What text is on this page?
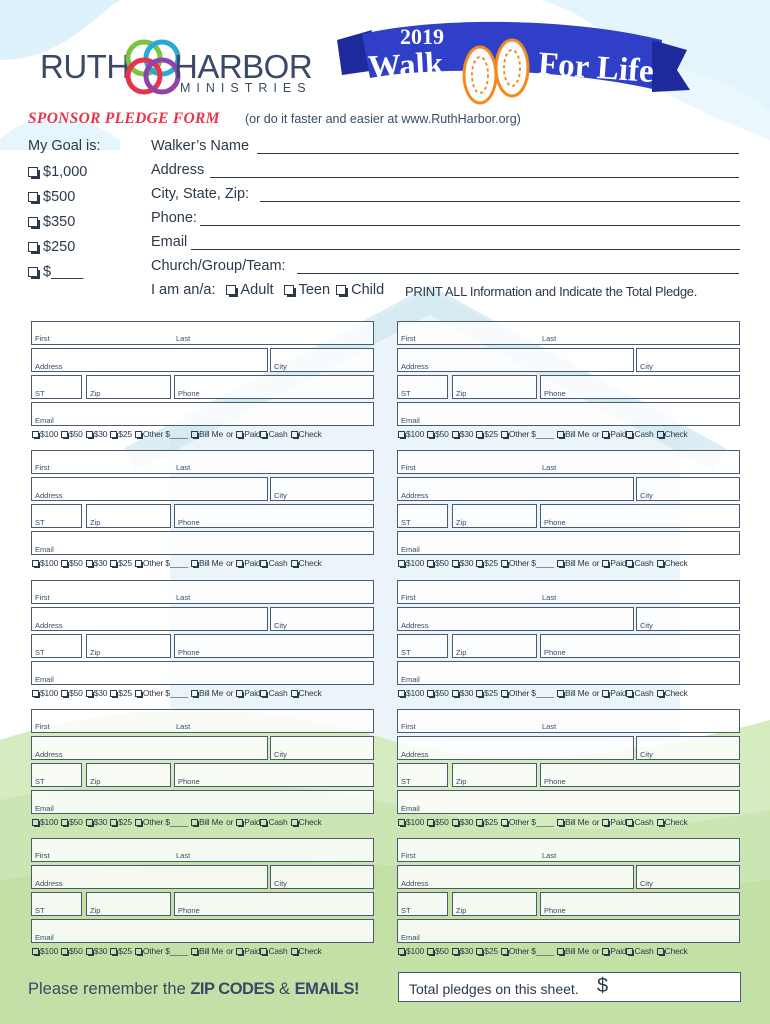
RUTH HARBOR
MINISTRIES
2019
Walk	For Life
SPONSOR PLEDGE FORM (or do it faster and easier at www.RuthHarbor.org)
My Goal is:
$1,000
$500
$350
$250
$____
Walker’s Name
Address
City, State, Zip:
Phone:
Email
Church/Group/Team:
I am an/a: Adult Teen Child PRINT ALL Information and Indicate the Total Pledge.
First	Last
Address	City
ST	Zip	Phone
Email
$100 $50 $30 $25 Other $____ Bill Me or Paid Cash Check
First	Last
Address	City
ST	Zip	Phone
Email
$100 $50 $30 $25 Other $____ Bill Me or Paid Cash Check
First	Last
Address	City
ST	Zip	Phone
Email
$100 $50 $30 $25 Other $____ Bill Me or Paid Cash Check
First	Last
Address	City
ST	Zip	Phone
Email
$100 $50 $30 $25 Other $____ Bill Me or Paid Cash Check
First	Last
Address	City
ST	Zip	Phone
Email
$100 $50 $30 $25 Other $____ Bill Me or Paid Cash Check
First	Last
Address	City
ST	Zip	Phone
Email
$100 $50 $30 $25 Other $____ Bill Me or Paid Cash Check
First	Last
Address	City
ST	Zip	Phone
Email
$100 $50 $30 $25 Other $____ Bill Me or Paid Cash Check
First	Last
Address	City
ST	Zip	Phone
Email
$100 $50 $30 $25 Other $____ Bill Me or Paid Cash Check
First	Last
Address	City
ST	Zip	Phone
Email
$100 $50 $30 $25 Other $____ Bill Me or Paid Cash Check
First	Last
Address	City
ST	Zip	Phone
Email
$100 $50 $30 $25 Other $____ Bill Me or Paid Cash Check
Please remember the ZIP CODES & EMAILS!	Total pledges on this sheet. $
